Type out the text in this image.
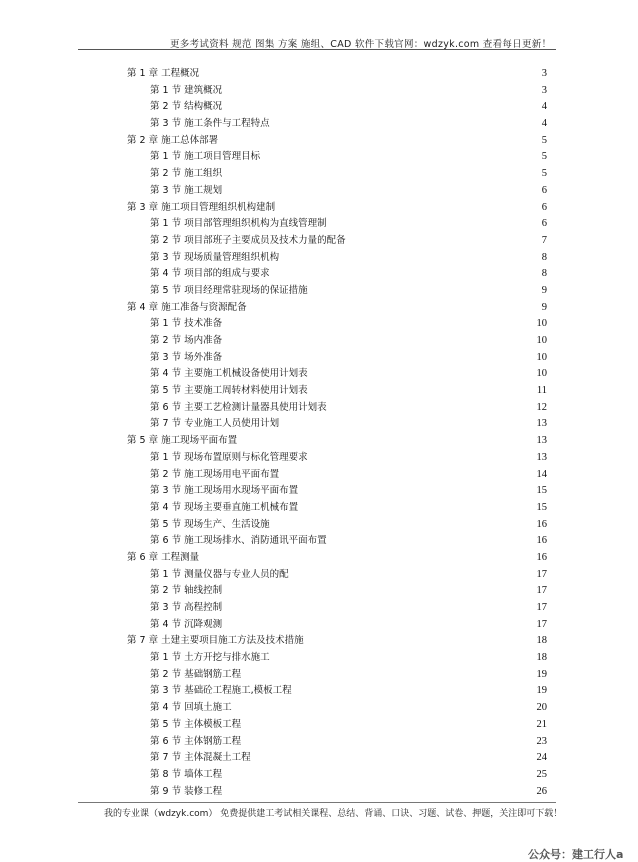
更多考试资料 规范 图集 方案 施组、CAD 软件下载官网：wdzyk.com 查看每日更新！
第 1 章 工程概况 .....	3
第 1 节 建筑概况 .....	3
第 2 节 结构概况 .....	4
第 3 节 施工条件与工程特点 .....	4
第 2 章 施工总体部署 .....	5
第 1 节 施工项目管理目标 .....	5
第 2 节 施工组织 .....	5
第 3 节 施工规划 .....	6
第 3 章 施工项目管理组织机构建制 .....	6
第 1 节 项目部管理组织机构为直线管理制 .....	6
第 2 节 项目部班子主要成员及技术力量的配备 .....	7
第 3 节 现场质量管理组织机构 .....	8
第 4 节 项目部的组成与要求 .....	8
第 5 节 项目经理常驻现场的保证措施 .....	9
第 4 章 施工准备与资源配备 .....	9
第 1 节 技术准备 .....	10
第 2 节 场内准备 .....	10
第 3 节 场外准备 .....	10
第 4 节 主要施工机械设备使用计划表 .....	10
第 5 节 主要施工周转材料使用计划表 .....	11
第 6 节 主要工艺检测计量器具使用计划表 .....	12
第 7 节 专业施工人员使用计划 .....	13
第 5 章 施工现场平面布置 .....	13
第 1 节 现场布置原则与标化管理要求 .....	13
第 2 节 施工现场用电平面布置 .....	14
第 3 节 施工现场用水现场平面布置 .....	15
第 4 节 现场主要垂直施工机械布置 .....	15
第 5 节 现场生产、生活设施 .....	16
第 6 节 施工现场排水、消防通讯平面布置 .....	16
第 6 章 工程测量 .....	16
第 1 节 测量仪器与专业人员的配 .....	17
第 2 节 轴线控制 .....	17
第 3 节 高程控制 .....	17
第 4 节 沉降观测 .....	17
第 7 章 土建主要项目施工方法及技术措施 .....	18
第 1 节 土方开挖与排水施工 .....	18
第 2 节 基础钢筋工程 .....	19
第 3 节 基础砼工程施工,模板工程 .....	19
第 4 节 回填土施工 .....	20
第 5 节 主体模板工程 .....	21
第 6 节 主体钢筋工程 .....	23
第 7 节 主体混凝土工程 .....	24
第 8 节 墙体工程 .....	25
第 9 节 装修工程 .....	26
我的专业课（wdzyk.com） 免费提供建工考试相关课程、总结、背诵、口诀、习题、试卷、押题，关注即可下载！
公众号：建工行人a
